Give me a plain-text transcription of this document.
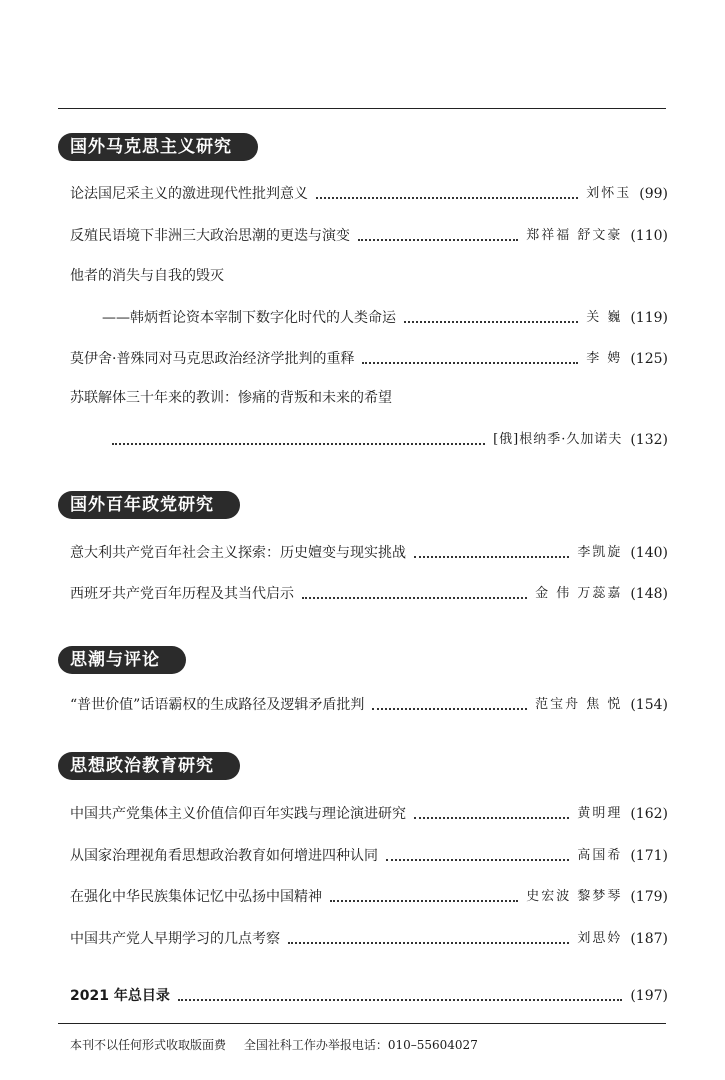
国外马克思主义研究
论法国尼采主义的激进现代性批判意义	刘怀玉 (99)
反殖民语境下非洲三大政治思潮的更迭与演变	郑祥福 舒文豪 (110)
他者的消失与自我的毁灭
——韩炳哲论资本宰制下数字化时代的人类命运	关 巍 (119)
莫伊舍·普殊同对马克思政治经济学批判的重释	李 娉 (125)
苏联解体三十年来的教训：惨痛的背叛和未来的希望
[俄]根纳季·久加诺夫 (132)
国外百年政党研究
意大利共产党百年社会主义探索：历史嬗变与现实挑战	李凯旋 (140)
西班牙共产党百年历程及其当代启示	金 伟 万蕊嘉 (148)
思潮与评论
“普世价值”话语霸权的生成路径及逻辑矛盾批判	范宝舟 焦 悦 (154)
思想政治教育研究
中国共产党集体主义价值信仰百年实践与理论演进研究	黄明理 (162)
从国家治理视角看思想政治教育如何增进四种认同	高国希 (171)
在强化中华民族集体记忆中弘扬中国精神	史宏波 黎梦琴 (179)
中国共产党人早期学习的几点考察	刘思妗 (187)
2021 年总目录	(197)
本刊不以任何形式收取版面费 全国社科工作办举报电话：010–55604027
